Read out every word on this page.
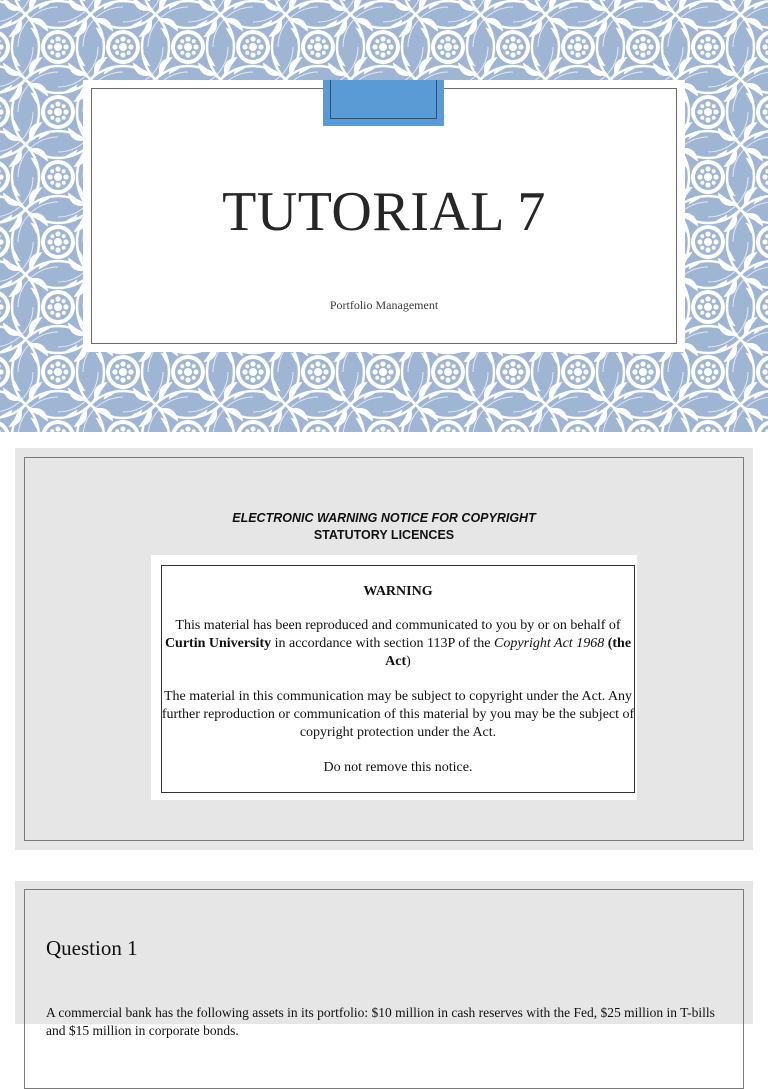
TUTORIAL 7
Portfolio Management
ELECTRONIC WARNING NOTICE FOR COPYRIGHT
STATUTORY LICENCES

WARNING

This material has been reproduced and communicated to you by or on behalf of Curtin University in accordance with section 113P of the Copyright Act 1968 (the Act)

The material in this communication may be subject to copyright under the Act. Any further reproduction or communication of this material by you may be the subject of copyright protection under the Act.

Do not remove this notice.

Question 1
A commercial bank has the following assets in its portfolio: $10 million in cash reserves with the Fed, $25 million in T-bills and $15 million in corporate bonds.
